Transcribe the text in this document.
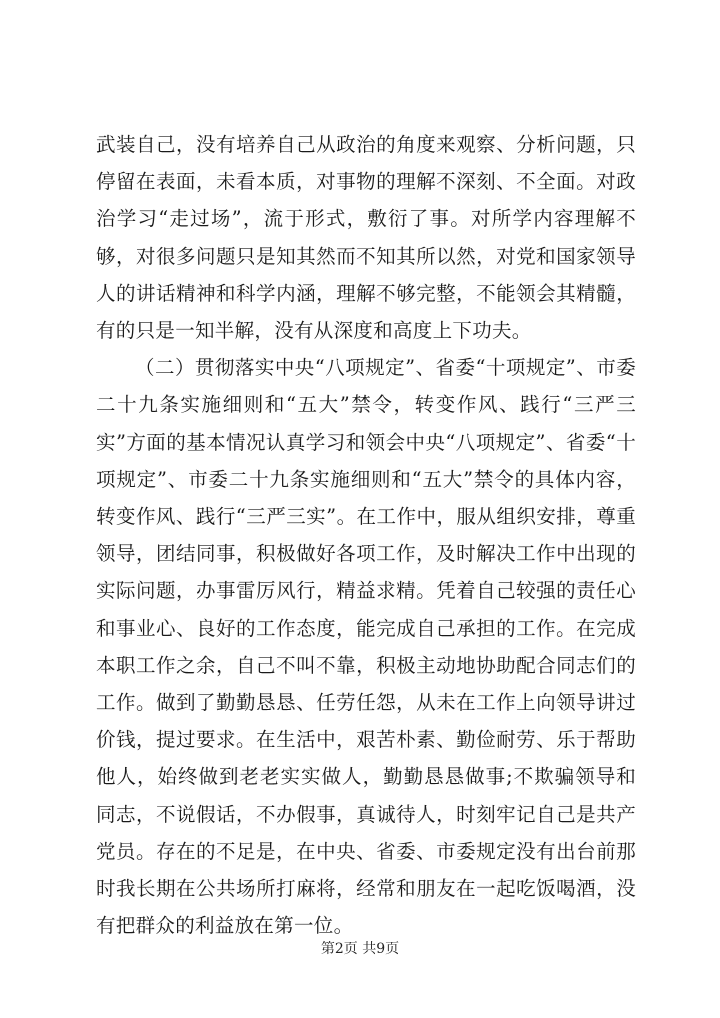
武装自己，没有培养自己从政治的角度来观察、分析问题，只停留在表面，未看本质，对事物的理解不深刻、不全面。对政治学习“走过场”，流于形式，敷衍了事。对所学内容理解不够，对很多问题只是知其然而不知其所以然，对党和国家领导人的讲话精神和科学内涵，理解不够完整，不能领会其精髓，有的只是一知半解，没有从深度和高度上下功夫。

（二）贯彻落实中央“八项规定”、省委“十项规定”、市委二十九条实施细则和“五大”禁令，转变作风、践行“三严三实”方面的基本情况认真学习和领会中央“八项规定”、省委“十项规定”、市委二十九条实施细则和“五大”禁令的具体内容，转变作风、践行“三严三实”。在工作中，服从组织安排，尊重领导，团结同事，积极做好各项工作，及时解决工作中出现的实际问题，办事雷厉风行，精益求精。凭着自己较强的责任心和事业心、良好的工作态度，能完成自己承担的工作。在完成本职工作之余，自己不叫不靠，积极主动地协助配合同志们的工作。做到了勤勤恳恳、任劳任怨，从未在工作上向领导讲过价钱，提过要求。在生活中，艰苦朴素、勤俭耐劳、乐于帮助他人，始终做到老老实实做人，勤勤恳恳做事;不欺骗领导和同志，不说假话，不办假事，真诚待人，时刻牢记自己是共产党员。存在的不足是，在中央、省委、市委规定没有出台前那时我长期在公共场所打麻将，经常和朋友在一起吃饭喝酒，没有把群众的利益放在第一位。

第2页 共9页
